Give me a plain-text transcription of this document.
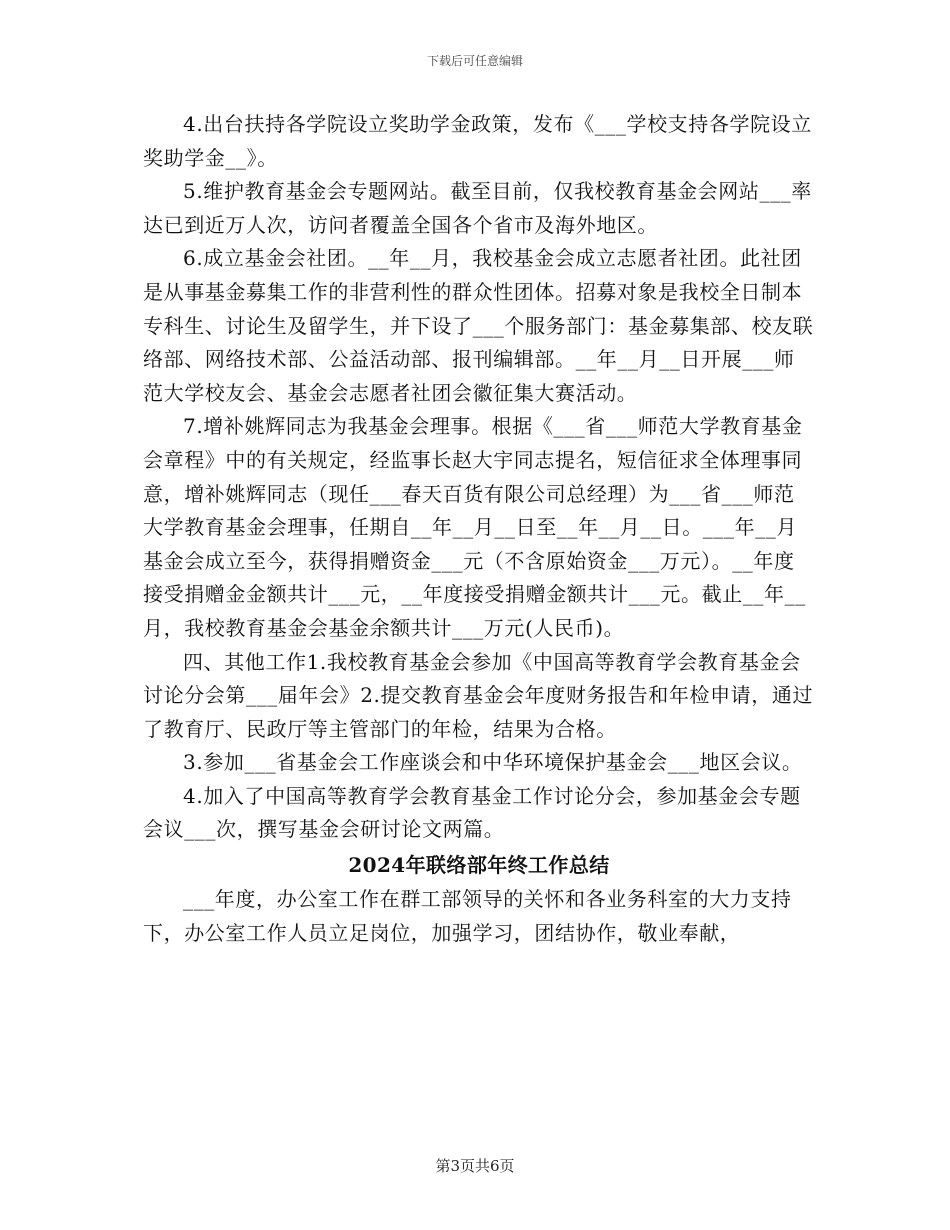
下载后可任意编辑

4.出台扶持各学院设立奖助学金政策，发布《___学校支持各学院设立奖助学金__》。

5.维护教育基金会专题网站。截至目前，仅我校教育基金会网站___率达已到近万人次，访问者覆盖全国各个省市及海外地区。

6.成立基金会社团。__年__月，我校基金会成立志愿者社团。此社团是从事基金募集工作的非营利性的群众性团体。招募对象是我校全日制本专科生、讨论生及留学生，并下设了___个服务部门：基金募集部、校友联络部、网络技术部、公益活动部、报刊编辑部。__年__月__日开展___师范大学校友会、基金会志愿者社团会徽征集大赛活动。

7.增补姚辉同志为我基金会理事。根据《___省___师范大学教育基金会章程》中的有关规定，经监事长赵大宇同志提名，短信征求全体理事同意，增补姚辉同志（现任___春天百货有限公司总经理）为___省___师范大学教育基金会理事，任期自__年__月__日至__年__月__日。___年__月基金会成立至今，获得捐赠资金___元（不含原始资金___万元）。__年度接受捐赠金金额共计___元，__年度接受捐赠金额共计___元。截止__年__月，我校教育基金会基金余额共计___万元(人民币)。

四、其他工作1.我校教育基金会参加《中国高等教育学会教育基金会讨论分会第___届年会》2.提交教育基金会年度财务报告和年检申请，通过了教育厅、民政厅等主管部门的年检，结果为合格。

3.参加___省基金会工作座谈会和中华环境保护基金会___地区会议。

4.加入了中国高等教育学会教育基金工作讨论分会，参加基金会专题会议___次，撰写基金会研讨论文两篇。

2024年联络部年终工作总结

___年度，办公室工作在群工部领导的关怀和各业务科室的大力支持下，办公室工作人员立足岗位，加强学习，团结协作，敬业奉献，

第3页共6页
